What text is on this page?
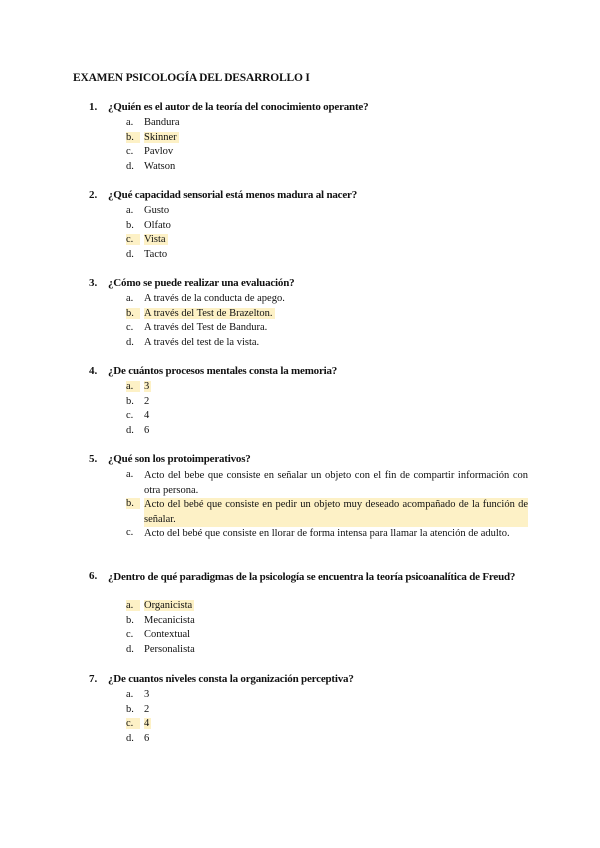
EXAMEN PSICOLOGÍA DEL DESARROLLO I
1. ¿Quién es el autor de la teoría del conocimiento operante?
a.	Bandura
b. Skinner
c.	Pavlov
d. Watson
2. ¿Qué capacidad sensorial está menos madura al nacer?
a.	Gusto
b. Olfato
c.	Vista
d. Tacto
3. ¿Cómo se puede realizar una evaluación?
a.	A través de la conducta de apego.
b. A través del Test de Brazelton.
c.	A través del Test de Bandura.
d. A través del test de la vista.
4. ¿De cuántos procesos mentales consta la memoria?
a.	3
b. 2
c.	4
d. 6
5. ¿Qué son los protoimperativos?
a.	Acto del bebe que consiste en señalar un objeto con el fin de compartir información con otra persona.
b. Acto del bebé que consiste en pedir un objeto muy deseado acompañado de la función de señalar.
c.	Acto del bebé que consiste en llorar de forma intensa para llamar la atención de adulto.
6. ¿Dentro de qué paradigmas de la psicología se encuentra la teoría psicoanalítica de Freud?
a.	Organicista
b. Mecanicista
c.	Contextual
d. Personalista
7. ¿De cuantos niveles consta la organización perceptiva?
a.	3
b. 2
c.	4
d. 6
